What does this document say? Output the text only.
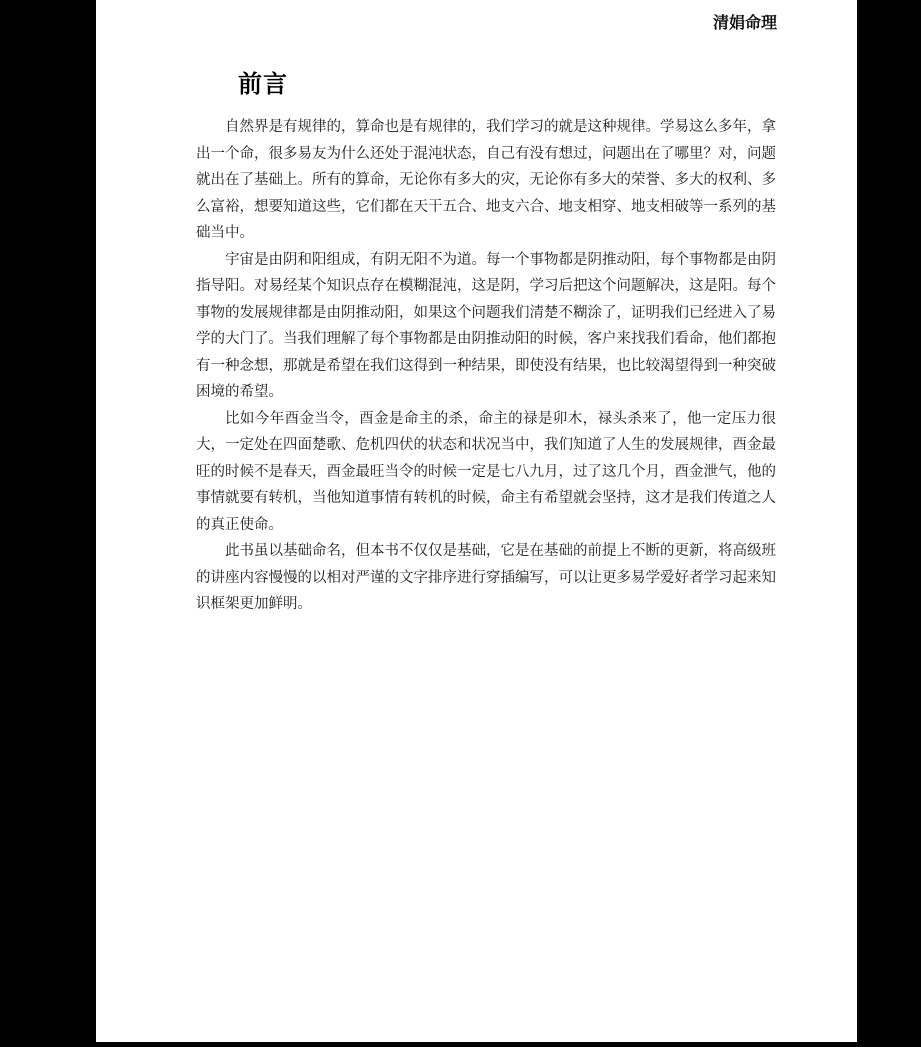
清娟命理
前言

自然界是有规律的，算命也是有规律的，我们学习的就是这种规律。学易这么多年，拿出一个命，很多易友为什么还处于混沌状态，自己有没有想过，问题出在了哪里？对，问题就出在了基础上。所有的算命，无论你有多大的灾，无论你有多大的荣誉、多大的权利、多么富裕，想要知道这些，它们都在天干五合、地支六合、地支相穿、地支相破等一系列的基础当中。

宇宙是由阴和阳组成，有阴无阳不为道。每一个事物都是阴推动阳，每个事物都是由阴指导阳。对易经某个知识点存在模糊混沌，这是阴，学习后把这个问题解决，这是阳。每个事物的发展规律都是由阴推动阳，如果这个问题我们清楚不糊涂了，证明我们已经进入了易学的大门了。当我们理解了每个事物都是由阴推动阳的时候，客户来找我们看命，他们都抱有一种念想，那就是希望在我们这得到一种结果，即使没有结果，也比较渴望得到一种突破困境的希望。

比如今年酉金当令，酉金是命主的杀，命主的禄是卯木，禄头杀来了，他一定压力很大，一定处在四面楚歌、危机四伏的状态和状况当中，我们知道了人生的发展规律，酉金最旺的时候不是春天，酉金最旺当令的时候一定是七八九月，过了这几个月，酉金泄气，他的事情就要有转机，当他知道事情有转机的时候，命主有希望就会坚持，这才是我们传道之人的真正使命。

此书虽以基础命名，但本书不仅仅是基础，它是在基础的前提上不断的更新，将高级班的讲座内容慢慢的以相对严谨的文字排序进行穿插编写，可以让更多易学爱好者学习起来知识框架更加鲜明。
